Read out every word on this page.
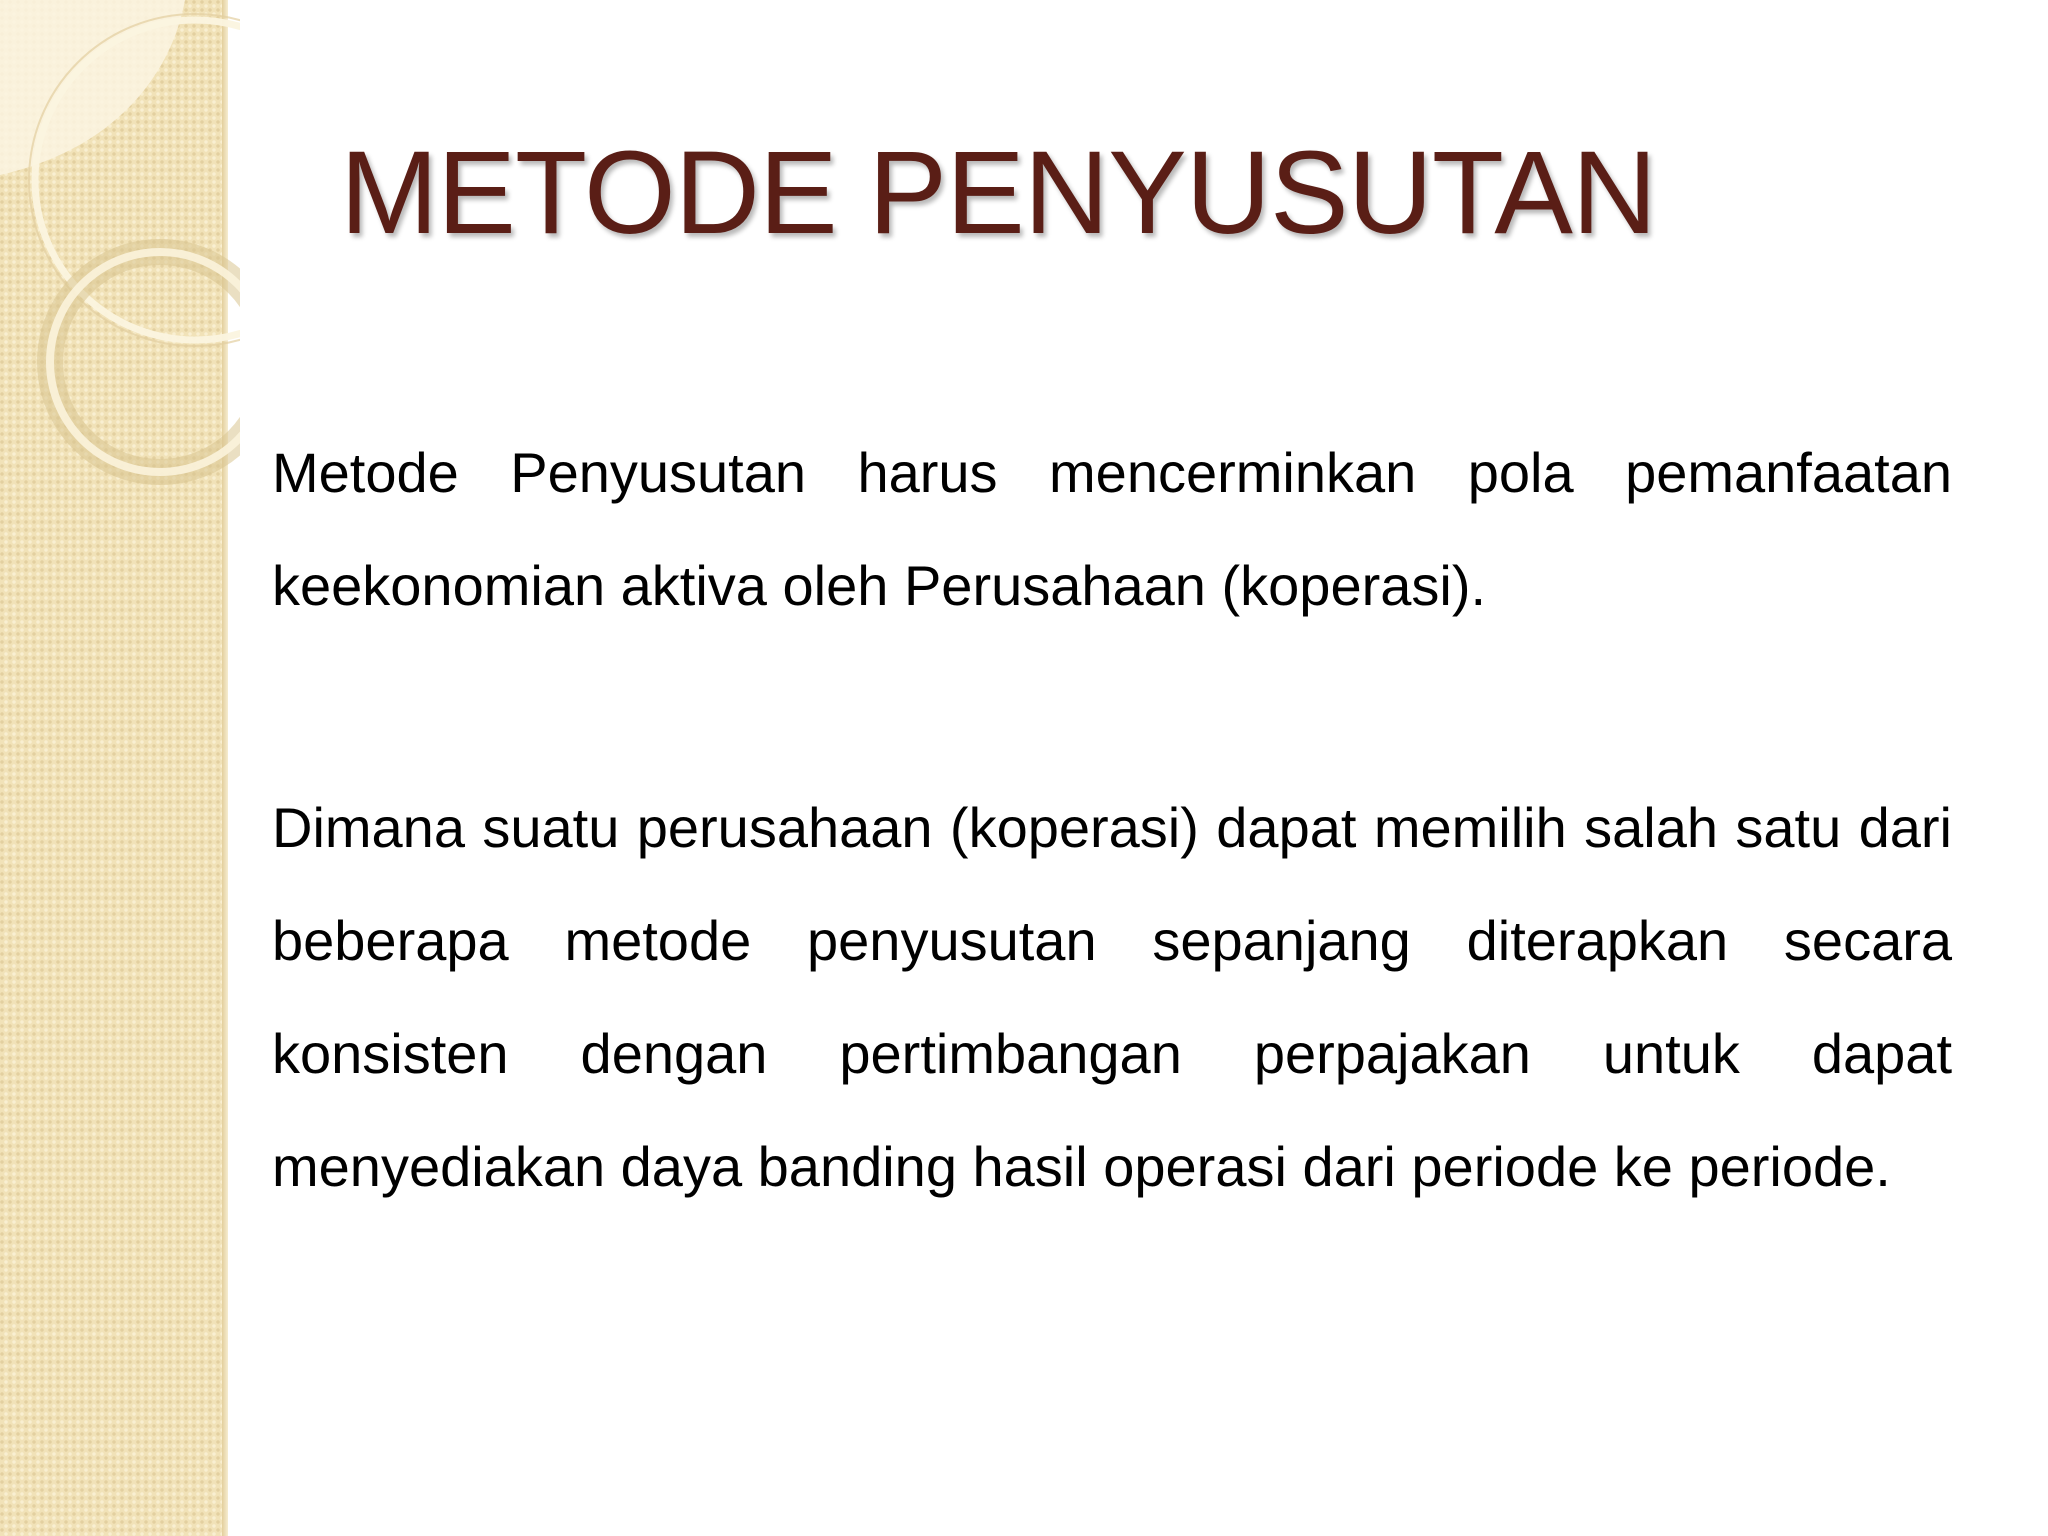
METODE PENYUSUTAN

Metode Penyusutan harus mencerminkan pola pemanfaatan keekonomian aktiva oleh Perusahaan (koperasi).

Dimana suatu perusahaan (koperasi) dapat memilih salah satu dari beberapa metode penyusutan sepanjang diterapkan secara konsisten dengan pertimbangan perpajakan untuk dapat menyediakan daya banding hasil operasi dari periode ke periode.
